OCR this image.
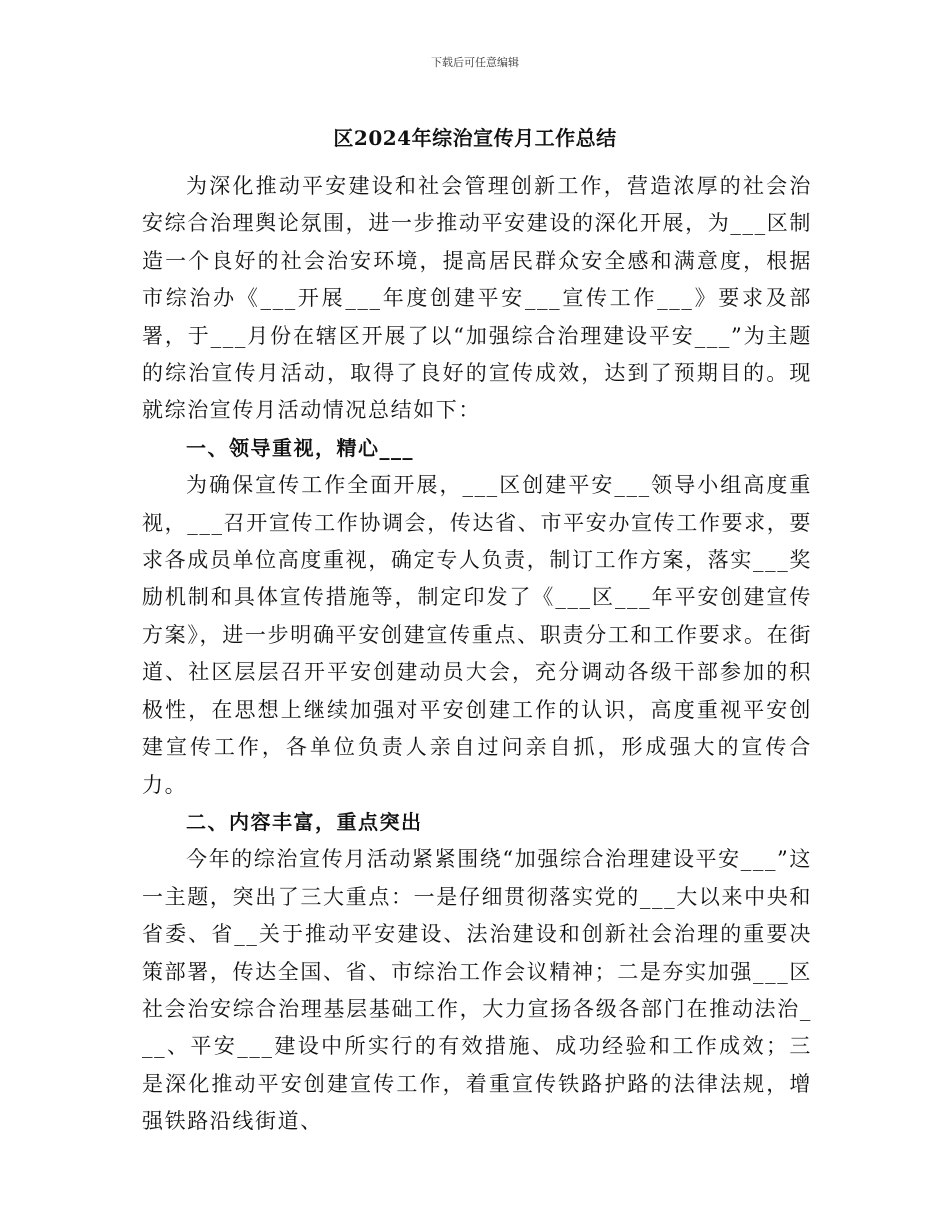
下载后可任意编辑
区2024年综治宣传月工作总结

为深化推动平安建设和社会管理创新工作，营造浓厚的社会治安综合治理舆论氛围，进一步推动平安建设的深化开展，为___区制造一个良好的社会治安环境，提高居民群众安全感和满意度，根据市综治办《___开展___年度创建平安___宣传工作___》要求及部署，于___月份在辖区开展了以“加强综合治理建设平安___”为主题的综治宣传月活动，取得了良好的宣传成效，达到了预期目的。现就综治宣传月活动情况总结如下：

一、领导重视，精心___

为确保宣传工作全面开展，___区创建平安___领导小组高度重视，___召开宣传工作协调会，传达省、市平安办宣传工作要求，要求各成员单位高度重视，确定专人负责，制订工作方案，落实___奖励机制和具体宣传措施等，制定印发了《___区___年平安创建宣传方案》，进一步明确平安创建宣传重点、职责分工和工作要求。在街道、社区层层召开平安创建动员大会，充分调动各级干部参加的积极性，在思想上继续加强对平安创建工作的认识，高度重视平安创建宣传工作，各单位负责人亲自过问亲自抓，形成强大的宣传合力。

二、内容丰富，重点突出

今年的综治宣传月活动紧紧围绕“加强综合治理建设平安___”这一主题，突出了三大重点：一是仔细贯彻落实党的___大以来中央和省委、省__关于推动平安建设、法治建设和创新社会治理的重要决策部署，传达全国、省、市综治工作会议精神；二是夯实加强___区社会治安综合治理基层基础工作，大力宣扬各级各部门在推动法治___、平安___建设中所实行的有效措施、成功经验和工作成效；三是深化推动平安创建宣传工作，着重宣传铁路护路的法律法规，增强铁路沿线街道、
